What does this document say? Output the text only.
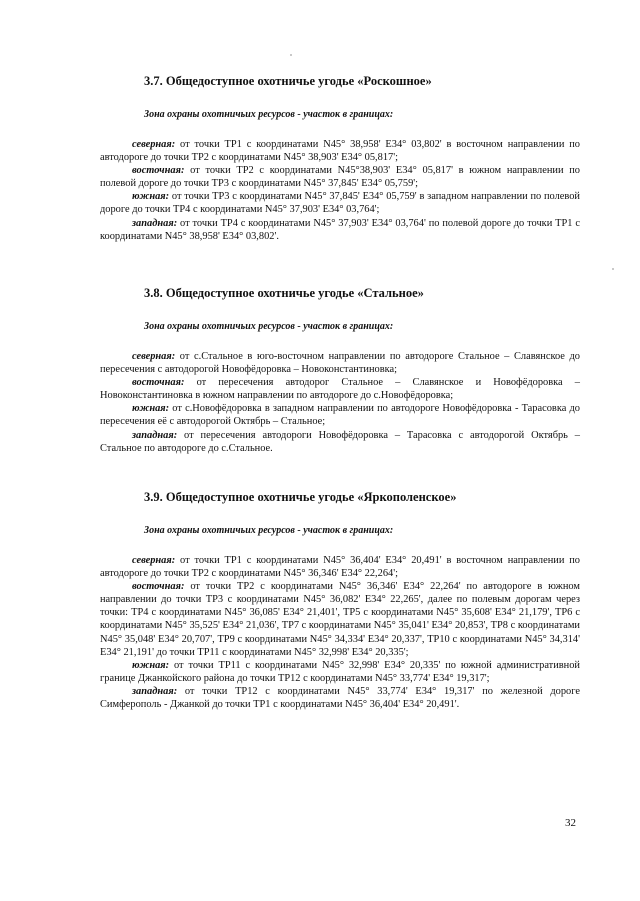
3.7. Общедоступное охотничье угодье «Роскошное»
Зона охраны охотничьих ресурсов - участок в границах:

северная: от точки ТР1 с координатами N45° 38,958' E34° 03,802' в восточном направлении по автодороге до точки ТР2 с координатами N45° 38,903' E34° 05,817';

восточная: от точки ТР2 с координатами N45°38,903' E34° 05,817' в южном направлении по полевой дороге до точки ТР3 с координатами N45° 37,845' E34° 05,759';

южная: от точки ТР3 с координатами N45° 37,845' E34° 05,759' в западном направлении по полевой дороге до точки ТР4 с координатами N45° 37,903' E34° 03,764';

западная: от точки ТР4 с координатами N45° 37,903' E34° 03,764' по полевой дороге до точки ТР1 с координатами N45° 38,958' E34° 03,802'.

3.8. Общедоступное охотничье угодье «Стальное»
Зона охраны охотничьих ресурсов - участок в границах:

северная: от с.Стальное в юго-восточном направлении по автодороге Стальное – Славянское до пересечения с автодорогой Новофёдоровка – Новоконстантиновка;

восточная: от пересечения автодорог Стальное – Славянское и Новофёдоровка – Новоконстантиновка в южном направлении по автодороге до с.Новофёдоровка;

южная: от с.Новофёдоровка в западном направлении по автодороге Новофёдоровка - Тарасовка до пересечения её с автодорогой Октябрь – Стальное;

западная: от пересечения автодороги Новофёдоровка – Тарасовка с автодорогой Октябрь – Стальное по автодороге до с.Стальное.

3.9. Общедоступное охотничье угодье «Яркополенское»
Зона охраны охотничьих ресурсов - участок в границах:

северная: от точки ТР1 с координатами N45° 36,404' E34° 20,491' в восточном направлении по автодороге до точки ТР2 с координатами N45° 36,346' E34° 22,264';

восточная: от точки ТР2 с координатами N45° 36,346' E34° 22,264' по автодороге в южном направлении до точки ТР3 с координатами N45° 36,082' E34° 22,265', далее по полевым дорогам через точки: ТР4 с координатами N45° 36,085' E34° 21,401', ТР5 с координатами N45° 35,608' E34° 21,179', ТР6 с координатами N45° 35,525' E34° 21,036', ТР7 с координатами N45° 35,041' E34° 20,853', ТР8 с координатами N45° 35,048' E34° 20,707', ТР9 с координатами N45° 34,334' E34° 20,337', ТР10 с координатами N45° 34,314' E34° 21,191' до точки ТР11 с координатами N45° 32,998' E34° 20,335';

южная: от точки ТР11 с координатами N45° 32,998' E34° 20,335' по южной административной границе Джанкойского района до точки ТР12 с координатами N45° 33,774' E34° 19,317';

западная: от точки ТР12 с координатами N45° 33,774' E34° 19,317' по железной дороге Симферополь - Джанкой до точки ТР1 с координатами N45° 36,404' E34° 20,491'.

32
